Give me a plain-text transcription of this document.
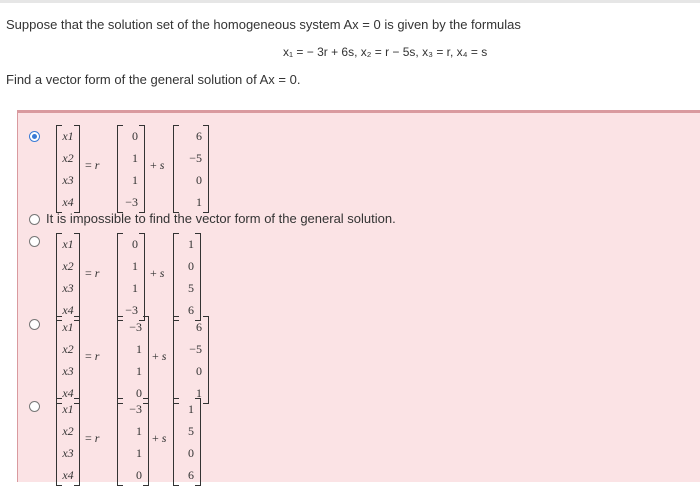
Suppose that the solution set of the homogeneous system Ax = 0 is given by the formulas
x₁ = − 3r + 6s, x₂ = r − 5s, x₃ = r, x₄ = s
Find a vector form of the general solution of Ax = 0.
x1
x2
x3
x4
= r
0
1
1
−3
+ s
6
−5
0
1
It is impossible to find the vector form of the general solution.
x1
x2
x3
x4
= r
0
1
1
−3
+ s
1
0
5
6
x1
x2
x3
x4
= r
−3
1
1
0
+ s
6
−5
0
1
x1
x2
x3
x4
= r
−3
1
1
0
+ s
1
5
0
6
